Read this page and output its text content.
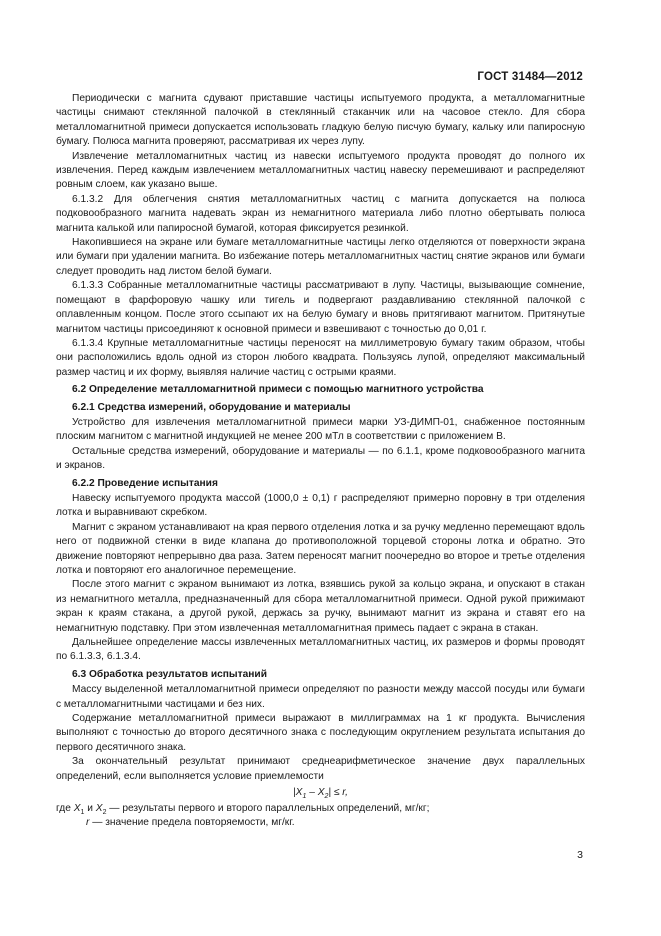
ГОСТ 31484—2012

Периодически с магнита сдувают приставшие частицы испытуемого продукта, а металломагнитные частицы снимают стеклянной палочкой в стеклянный стаканчик или на часовое стекло. Для сбора металломагнитной примеси допускается использовать гладкую белую писчую бумагу, кальку или папиросную бумагу. Полюса магнита проверяют, рассматривая их через лупу.

Извлечение металломагнитных частиц из навески испытуемого продукта проводят до полного их извлечения. Перед каждым извлечением металломагнитных частиц навеску перемешивают и распределяют ровным слоем, как указано выше.

6.1.3.2 Для облегчения снятия металломагнитных частиц с магнита допускается на полюса подковообразного магнита надевать экран из немагнитного материала либо плотно обертывать полюса магнита калькой или папиросной бумагой, которая фиксируется резинкой.

Накопившиеся на экране или бумаге металломагнитные частицы легко отделяются от поверхности экрана или бумаги при удалении магнита. Во избежание потерь металломагнитных частиц снятие экранов или бумаги следует проводить над листом белой бумаги.

6.1.3.3 Собранные металломагнитные частицы рассматривают в лупу. Частицы, вызывающие сомнение, помещают в фарфоровую чашку или тигель и подвергают раздавливанию стеклянной палочкой с оплавленным концом. После этого ссыпают их на белую бумагу и вновь притягивают магнитом. Притянутые магнитом частицы присоединяют к основной примеси и взвешивают с точностью до 0,01 г.

6.1.3.4 Крупные металломагнитные частицы переносят на миллиметровую бумагу таким образом, чтобы они расположились вдоль одной из сторон любого квадрата. Пользуясь лупой, определяют максимальный размер частиц и их форму, выявляя наличие частиц с острыми краями.

6.2 Определение металломагнитной примеси с помощью магнитного устройства
6.2.1 Средства измерений, оборудование и материалы

Устройство для извлечения металломагнитной примеси марки УЗ-ДИМП-01, снабженное постоянным плоским магнитом с магнитной индукцией не менее 200 мТл в соответствии с приложением В.

Остальные средства измерений, оборудование и материалы — по 6.1.1, кроме подковообразного магнита и экранов.

6.2.2 Проведение испытания

Навеску испытуемого продукта массой (1000,0 ± 0,1) г распределяют примерно поровну в три отделения лотка и выравнивают скребком.

Магнит с экраном устанавливают на края первого отделения лотка и за ручку медленно перемещают вдоль него от подвижной стенки в виде клапана до противоположной торцевой стороны лотка и обратно. Это движение повторяют непрерывно два раза. Затем переносят магнит поочередно во второе и третье отделения лотка и повторяют его аналогичное перемещение.

После этого магнит с экраном вынимают из лотка, взявшись рукой за кольцо экрана, и опускают в стакан из немагнитного металла, предназначенный для сбора металломагнитной примеси. Одной рукой прижимают экран к краям стакана, а другой рукой, держась за ручку, вынимают магнит из экрана и ставят его на немагнитную подставку. При этом извлеченная металломагнитная примесь падает с экрана в стакан.

Дальнейшее определение массы извлеченных металломагнитных частиц, их размеров и формы проводят по 6.1.3.3, 6.1.3.4.

6.3 Обработка результатов испытаний

Массу выделенной металломагнитной примеси определяют по разности между массой посуды или бумаги с металломагнитными частицами и без них.

Содержание металломагнитной примеси выражают в миллиграммах на 1 кг продукта. Вычисления выполняют с точностью до второго десятичного знака с последующим округлением результата испытания до первого десятичного знака.

За окончательный результат принимают среднеарифметическое значение двух параллельных определений, если выполняется условие приемлемости

$|X_1 - X_2| \le r$,

где $X_1$ и $X_2$ — результаты первого и второго параллельных определений, мг/кг;

r — значение предела повторяемости, мг/кг.

3
